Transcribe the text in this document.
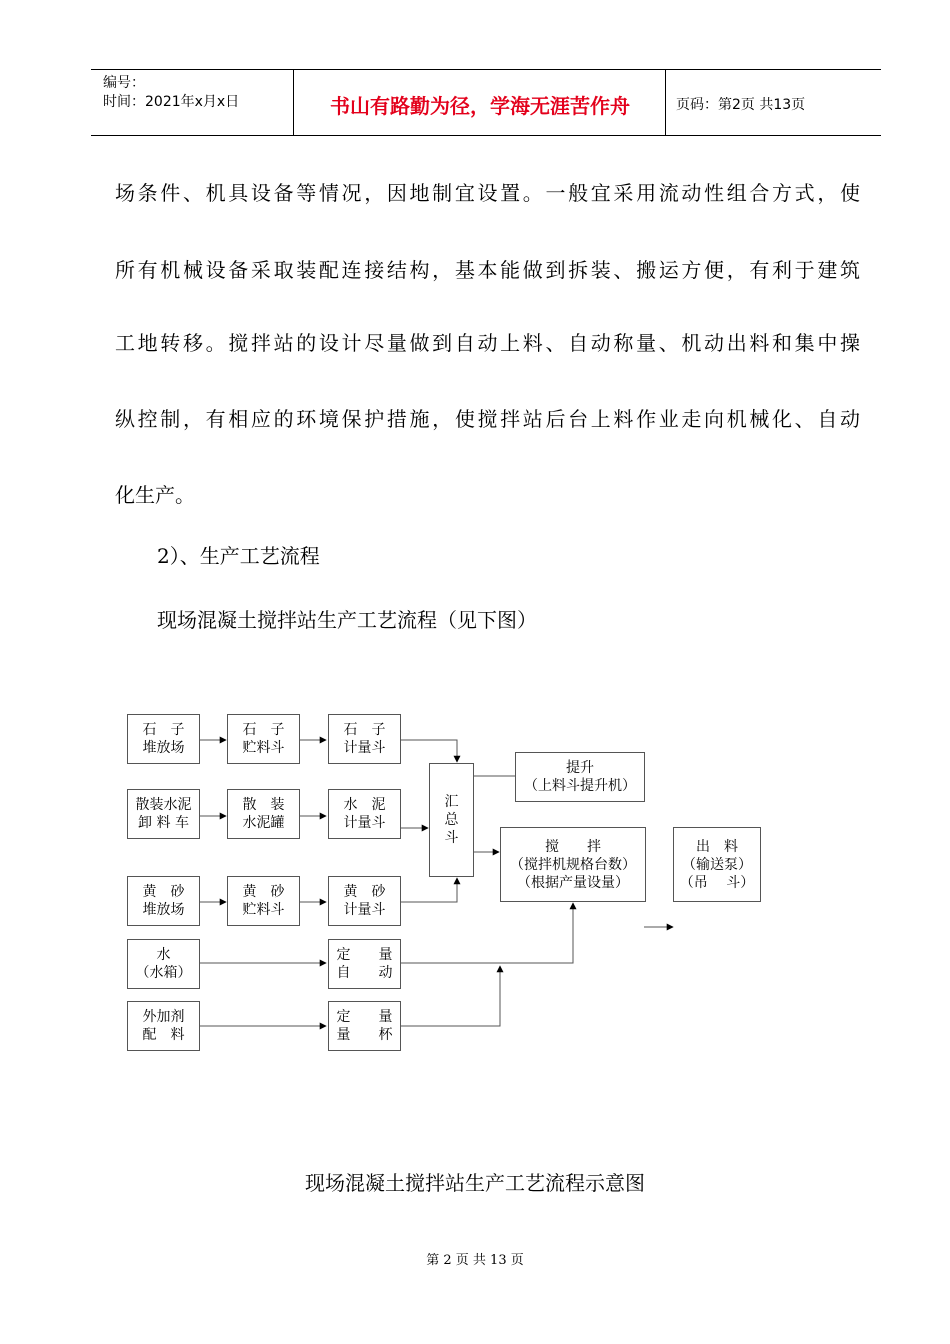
编号：
时间：2021年x月x日	书山有路勤为径，学海无涯苦作舟	页码：第2页 共13页
场条件、机具设备等情况，因地制宜设置。一般宜采用流动性组合方式，使
所有机械设备采取装配连接结构，基本能做到拆装、搬运方便，有利于建筑
工地转移。搅拌站的设计尽量做到自动上料、自动称量、机动出料和集中操
纵控制，有相应的环境保护措施，使搅拌站后台上料作业走向机械化、自动
化生产。
2）、生产工艺流程
现场混凝土搅拌站生产工艺流程（见下图）
石　子
堆放场
石　子
贮料斗
石　子
计量斗
散装水泥
卸 料 车
散　装
水泥罐
水　泥
计量斗
黄　砂
堆放场
黄　砂
贮料斗
黄　砂
计量斗
水
（水箱）
定　　量
自　　动
外加剂
配　料
定　　量
量　　杯
汇
总
斗
提升
（上料斗提升机）
搅　　拌
（搅拌机规格台数）
（根据产量设量）
出　料
（输送泵）
（吊　 斗）
现场混凝土搅拌站生产工艺流程示意图
第 2 页 共 13 页
